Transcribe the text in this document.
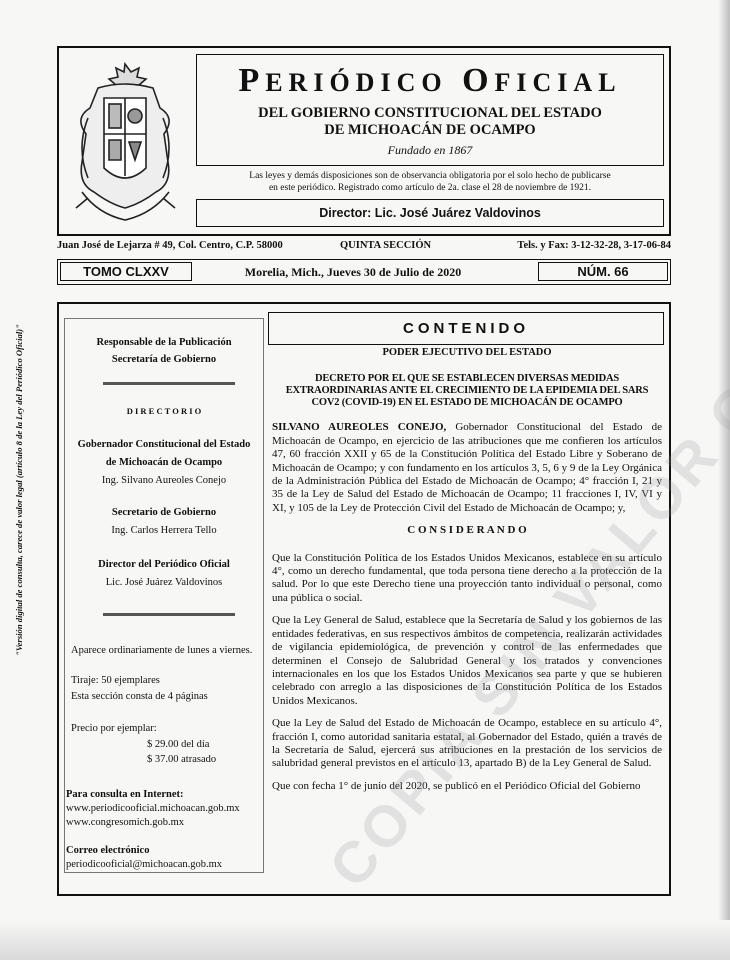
PERIÓDICO OFICIAL
DEL GOBIERNO CONSTITUCIONAL DEL ESTADO
DE MICHOACÁN DE OCAMPO
Fundado en 1867
Las leyes y demás disposiciones son de observancia obligatoria por el solo hecho de publicarse
en este periódico. Registrado como artículo de 2a. clase el 28 de noviembre de 1921.
Director: Lic. José Juárez Valdovinos
Juan José de Lejarza # 49, Col. Centro, C.P. 58000	QUINTA SECCIÓN	Tels. y Fax: 3-12-32-28, 3-17-06-84
TOMO CLXXV	Morelia, Mich., Jueves 30 de Julio de 2020	NÚM. 66
Responsable de la Publicación
Secretaría de Gobierno
D I R E C T O R I O
Gobernador Constitucional del Estado
de Michoacán de Ocampo
Ing. Silvano Aureoles Conejo
Secretario de Gobierno
Ing. Carlos Herrera Tello
Director del Periódico Oficial
Lic. José Juárez Valdovinos
Aparece ordinariamente de lunes a viernes.
Tiraje: 50 ejemplares
Esta sección consta de 4 páginas
Precio por ejemplar:
$ 29.00 del día
$ 37.00 atrasado
Para consulta en Internet:
www.periodicooficial.michoacan.gob.mx
www.congresomich.gob.mx
Correo electrónico
periodicooficial@michoacan.gob.mx
"Versión digital de consulta, carece de valor legal (artículo 8 de la Ley del Periódico Oficial)"	CONTENIDO
PODER EJECUTIVO DEL ESTADO
DECRETO POR EL QUE SE ESTABLECEN DIVERSAS MEDIDAS EXTRAORDINARIAS ANTE EL CRECIMIENTO DE LA EPIDEMIA DEL SARS COV2 (COVID-19) EN EL ESTADO DE MICHOACÁN DE OCAMPO

SILVANO AUREOLES CONEJO, Gobernador Constitucional del Estado de Michoacán de Ocampo, en ejercicio de las atribuciones que me confieren los artículos 47, 60 fracción XXII y 65 de la Constitución Política del Estado Libre y Soberano de Michoacán de Ocampo; y con fundamento en los artículos 3, 5, 6 y 9 de la Ley Orgánica de la Administración Pública del Estado de Michoacán de Ocampo; 4° fracción I, 21 y 35 de la Ley de Salud del Estado de Michoacán de Ocampo; 11 fracciones I, IV, VI y XI, y 105 de la Ley de Protección Civil del Estado de Michoacán de Ocampo; y,

C O N S I D E R A N D O

Que la Constitución Política de los Estados Unidos Mexicanos, establece en su artículo 4°, como un derecho fundamental, que toda persona tiene derecho a la protección de la salud. Por lo que este Derecho tiene una proyección tanto individual o personal, como una pública o social.

Que la Ley General de Salud, establece que la Secretaría de Salud y los gobiernos de las entidades federativas, en sus respectivos ámbitos de competencia, realizarán actividades de vigilancia epidemiológica, de prevención y control de las enfermedades que determinen el Consejo de Salubridad General y los tratados y convenciones internacionales en los que los Estados Unidos Mexicanos sea parte y que se hubieren celebrado con arreglo a las disposiciones de la Constitución Política de los Estados Unidos Mexicanos.

Que la Ley de Salud del Estado de Michoacán de Ocampo, establece en su artículo 4°, fracción I, como autoridad sanitaria estatal, al Gobernador del Estado, quién a través de la Secretaría de Salud, ejercerá sus atribuciones en la prestación de los servicios de salubridad general previstos en el artículo 13, apartado B) de la Ley General de Salud.

Que con fecha 1° de junio del 2020, se publicó en el Periódico Oficial del Gobierno
